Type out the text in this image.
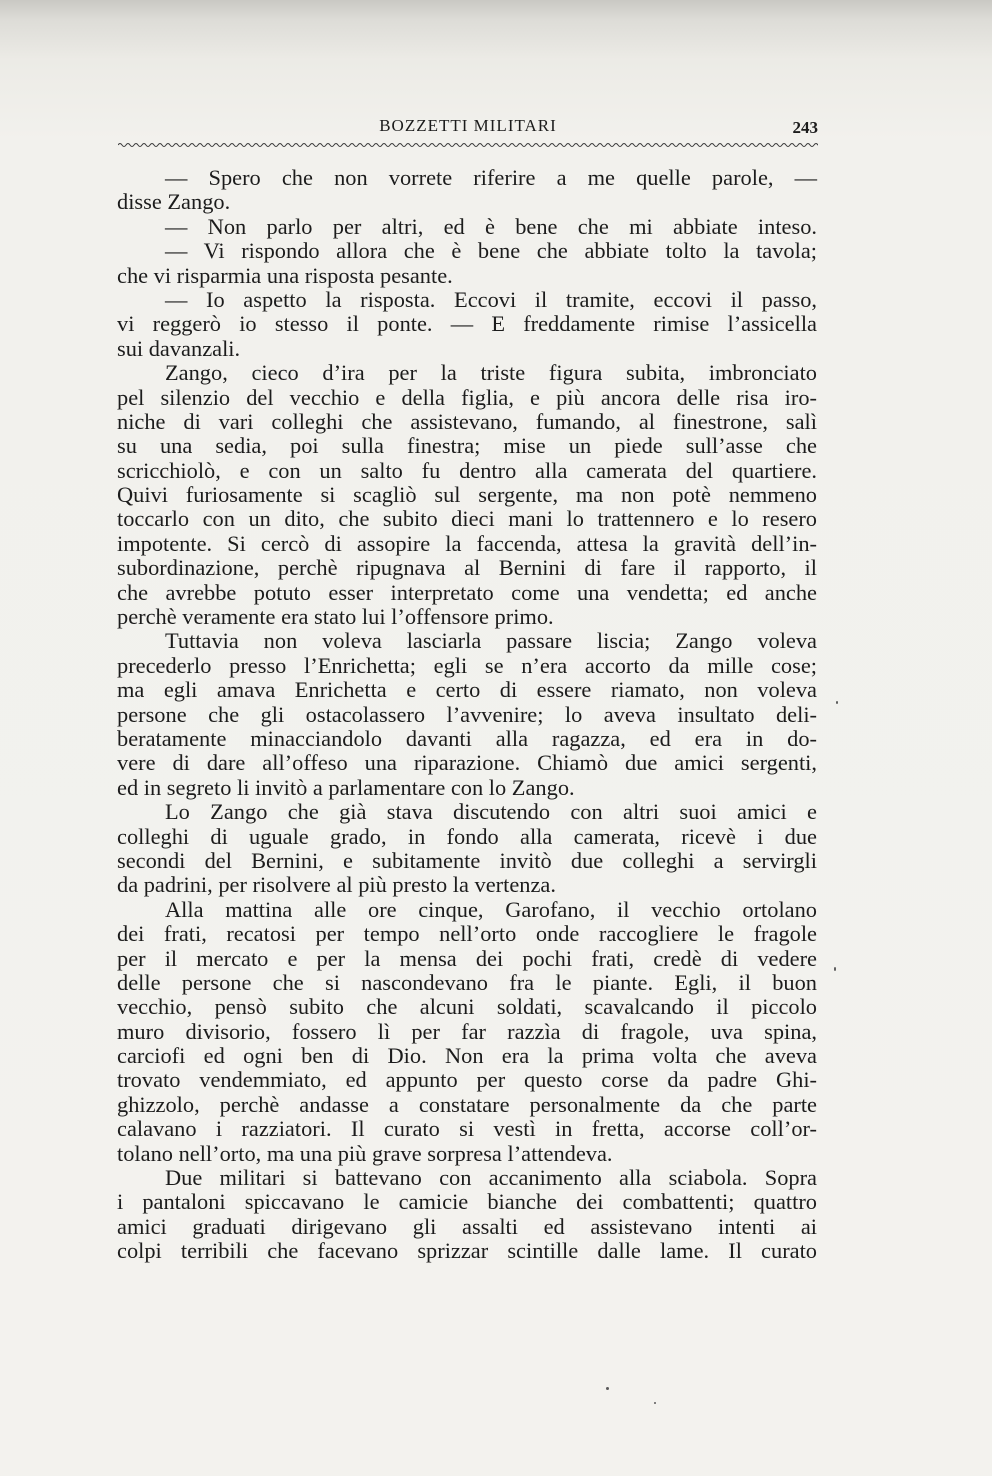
BOZZETTI MILITARI	243
— Spero che non vorrete riferire a me quelle parole, —
disse Zango.
— Non parlo per altri, ed è bene che mi abbiate inteso.
— Vi rispondo allora che è bene che abbiate tolto la tavola;
che vi risparmia una risposta pesante.
— Io aspetto la risposta. Eccovi il tramite, eccovi il passo,
vi reggerò io stesso il ponte. — E freddamente rimise l’assicella
sui davanzali.
Zango, cieco d’ira per la triste figura subita, imbronciato
pel silenzio del vecchio e della figlia, e più ancora delle risa iro-
niche di vari colleghi che assistevano, fumando, al finestrone, salì
su una sedia, poi sulla finestra; mise un piede sull’asse che
scricchiolò, e con un salto fu dentro alla camerata del quartiere.
Quivi furiosamente si scagliò sul sergente, ma non potè nemmeno
toccarlo con un dito, che subito dieci mani lo trattennero e lo resero
impotente. Si cercò di assopire la faccenda, attesa la gravità dell’in-
subordinazione, perchè ripugnava al Bernini di fare il rapporto, il
che avrebbe potuto esser interpretato come una vendetta; ed anche
perchè veramente era stato lui l’offensore primo.
Tuttavia non voleva lasciarla passare liscia; Zango voleva
precederlo presso l’Enrichetta; egli se n’era accorto da mille cose;
ma egli amava Enrichetta e certo di essere riamato, non voleva
persone che gli ostacolassero l’avvenire; lo aveva insultato deli-
beratamente minacciandolo davanti alla ragazza, ed era in do-
vere di dare all’offeso una riparazione. Chiamò due amici sergenti,
ed in segreto li invitò a parlamentare con lo Zango.
Lo Zango che già stava discutendo con altri suoi amici e
colleghi di uguale grado, in fondo alla camerata, ricevè i due
secondi del Bernini, e subitamente invitò due colleghi a servirgli
da padrini, per risolvere al più presto la vertenza.
Alla mattina alle ore cinque, Garofano, il vecchio ortolano
dei frati, recatosi per tempo nell’orto onde raccogliere le fragole
per il mercato e per la mensa dei pochi frati, credè di vedere
delle persone che si nascondevano fra le piante. Egli, il buon
vecchio, pensò subito che alcuni soldati, scavalcando il piccolo
muro divisorio, fossero lì per far razzìa di fragole, uva spina,
carciofi ed ogni ben di Dio. Non era la prima volta che aveva
trovato vendemmiato, ed appunto per questo corse da padre Ghi-
ghizzolo, perchè andasse a constatare personalmente da che parte
calavano i razziatori. Il curato si vestì in fretta, accorse coll’or-
tolano nell’orto, ma una più grave sorpresa l’attendeva.
Due militari si battevano con accanimento alla sciabola. Sopra
i pantaloni spiccavano le camicie bianche dei combattenti; quattro
amici graduati dirigevano gli assalti ed assistevano intenti ai
colpi terribili che facevano sprizzar scintille dalle lame. Il curato
